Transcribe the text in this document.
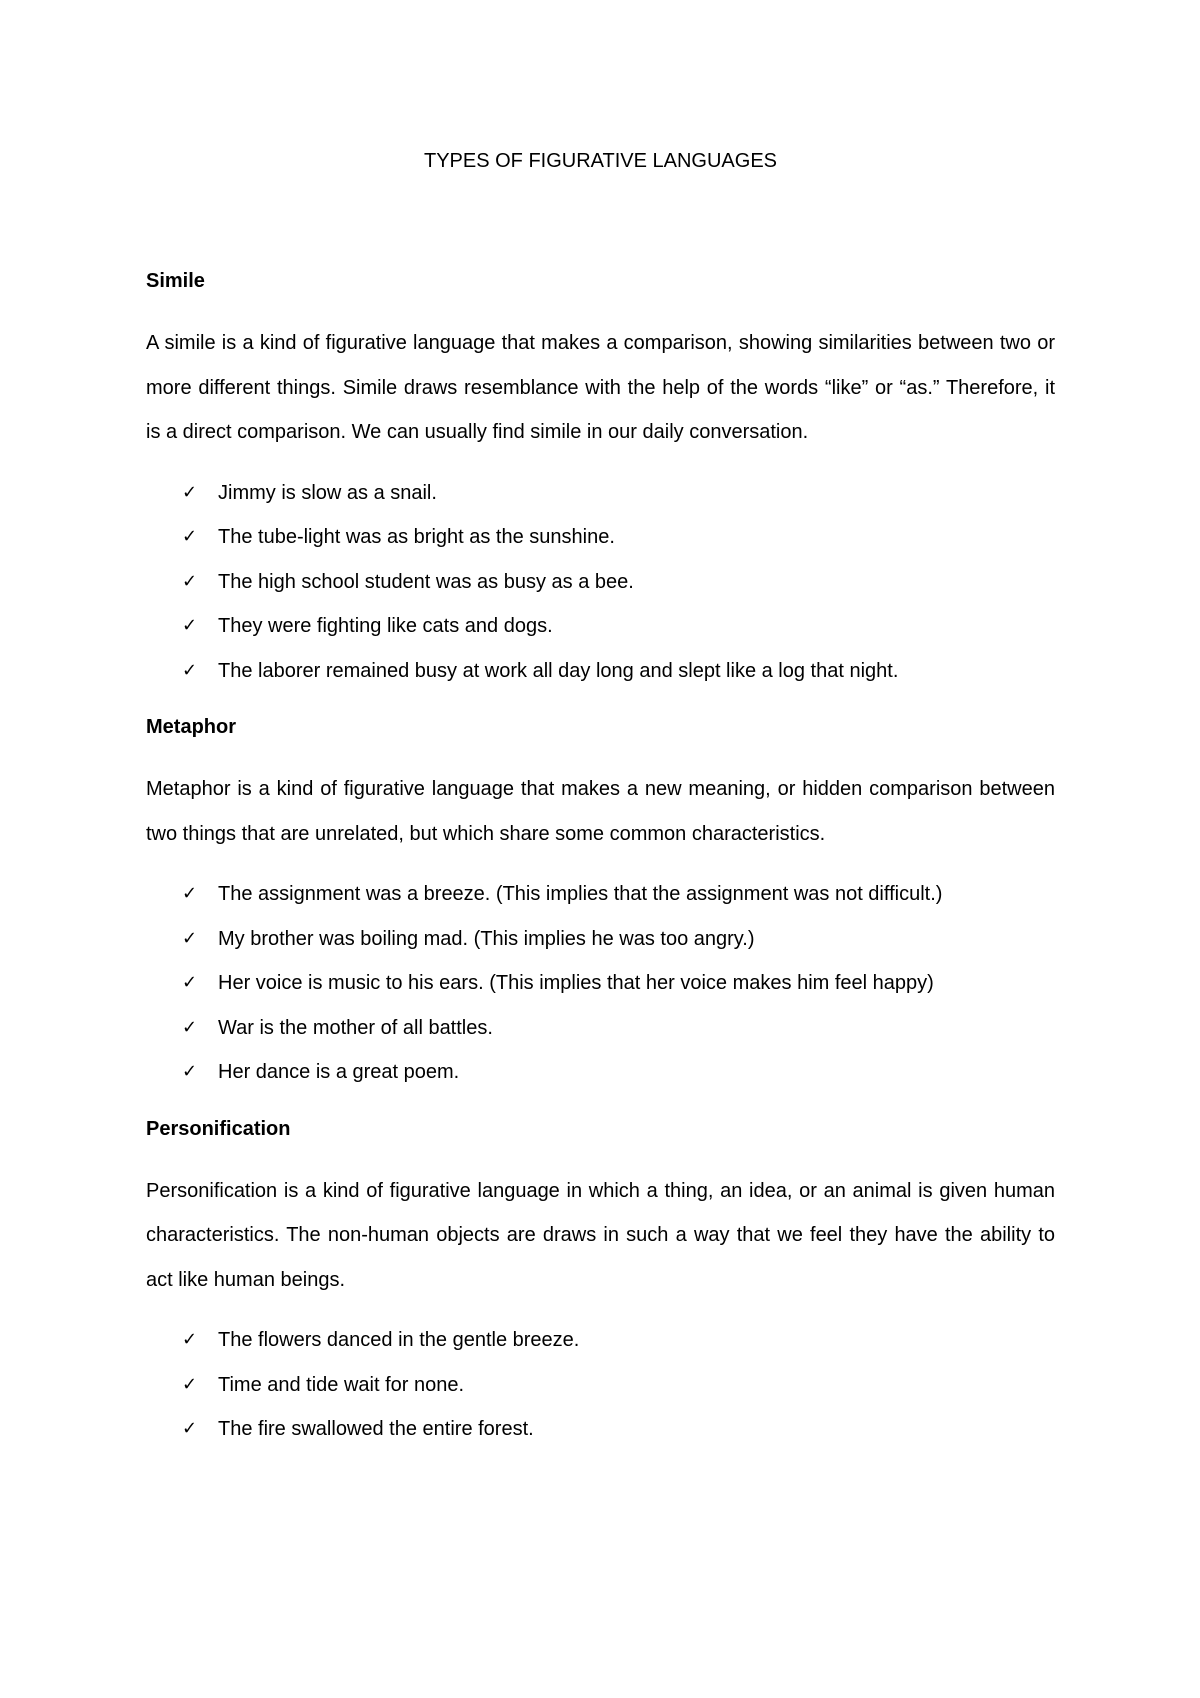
TYPES OF FIGURATIVE LANGUAGES
Simile

A simile is a kind of figurative language that makes a comparison, showing similarities between two or more different things. Simile draws resemblance with the help of the words “like” or “as.” Therefore, it is a direct comparison. We can usually find simile in our daily conversation.

✓ Jimmy is slow as a snail.
✓ The tube-light was as bright as the sunshine.
✓ The high school student was as busy as a bee.
✓ They were fighting like cats and dogs.
✓ The laborer remained busy at work all day long and slept like a log that night.
Metaphor

Metaphor is a kind of figurative language that makes a new meaning, or hidden comparison between two things that are unrelated, but which share some common characteristics.

✓ The assignment was a breeze. (This implies that the assignment was not difficult.)
✓ My brother was boiling mad. (This implies he was too angry.)
✓ Her voice is music to his ears. (This implies that her voice makes him feel happy)
✓ War is the mother of all battles.
✓ Her dance is a great poem.
Personification

Personification is a kind of figurative language in which a thing, an idea, or an animal is given human characteristics. The non-human objects are draws in such a way that we feel they have the ability to act like human beings.

✓ The flowers danced in the gentle breeze.
✓ Time and tide wait for none.
✓ The fire swallowed the entire forest.
